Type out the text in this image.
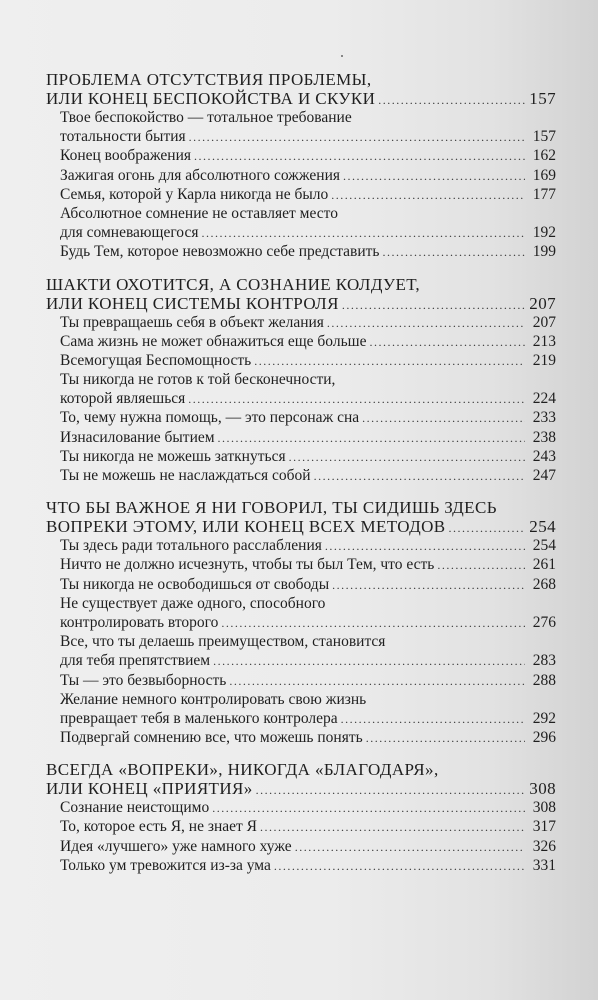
ПРОБЛЕМА ОТСУТСТВИЯ ПРОБЛЕМЫ,
ИЛИ КОНЕЦ БЕСПОКОЙСТВА И СКУКИ .....	157
Твое беспокойство — тотальное требование
тотальности бытия .....	157
Конец воображения .....	162
Зажигая огонь для абсолютного сожжения .....	169
Семья, которой у Карла никогда не было .....	177
Абсолютное сомнение не оставляет место
для сомневающегося .....	192
Будь Тем, которое невозможно себе представить .....	199
ШАКТИ ОХОТИТСЯ, А СОЗНАНИЕ КОЛДУЕТ,
ИЛИ КОНЕЦ СИСТЕМЫ КОНТРОЛЯ .....	207
Ты превращаешь себя в объект желания .....	207
Сама жизнь не может обнажиться еще больше .....	213
Всемогущая Беспомощность .....	219
Ты никогда не готов к той бесконечности,
которой являешься .....	224
То, чему нужна помощь, — это персонаж сна .....	233
Изнасилование бытием .....	238
Ты никогда не можешь заткнуться .....	243
Ты не можешь не наслаждаться собой .....	247
ЧТО БЫ ВАЖНОЕ Я НИ ГОВОРИЛ, ТЫ СИДИШЬ ЗДЕСЬ
ВОПРЕКИ ЭТОМУ, ИЛИ КОНЕЦ ВСЕХ МЕТОДОВ .....	254
Ты здесь ради тотального расслабления .....	254
Ничто не должно исчезнуть, чтобы ты был Тем, что есть .....	261
Ты никогда не освободишься от свободы .....	268
Не существует даже одного, способного
контролировать второго .....	276
Все, что ты делаешь преимуществом, становится
для тебя препятствием .....	283
Ты — это безвыборность .....	288
Желание немного контролировать свою жизнь
превращает тебя в маленького контролера .....	292
Подвергай сомнению все, что можешь понять .....	296
ВСЕГДА «ВОПРЕКИ», НИКОГДА «БЛАГОДАРЯ»,
ИЛИ КОНЕЦ «ПРИЯТИЯ» .....	308
Сознание неистощимо .....	308
То, которое есть Я, не знает Я .....	317
Идея «лучшего» уже намного хуже .....	326
Только ум тревожится из-за ума .....	331
